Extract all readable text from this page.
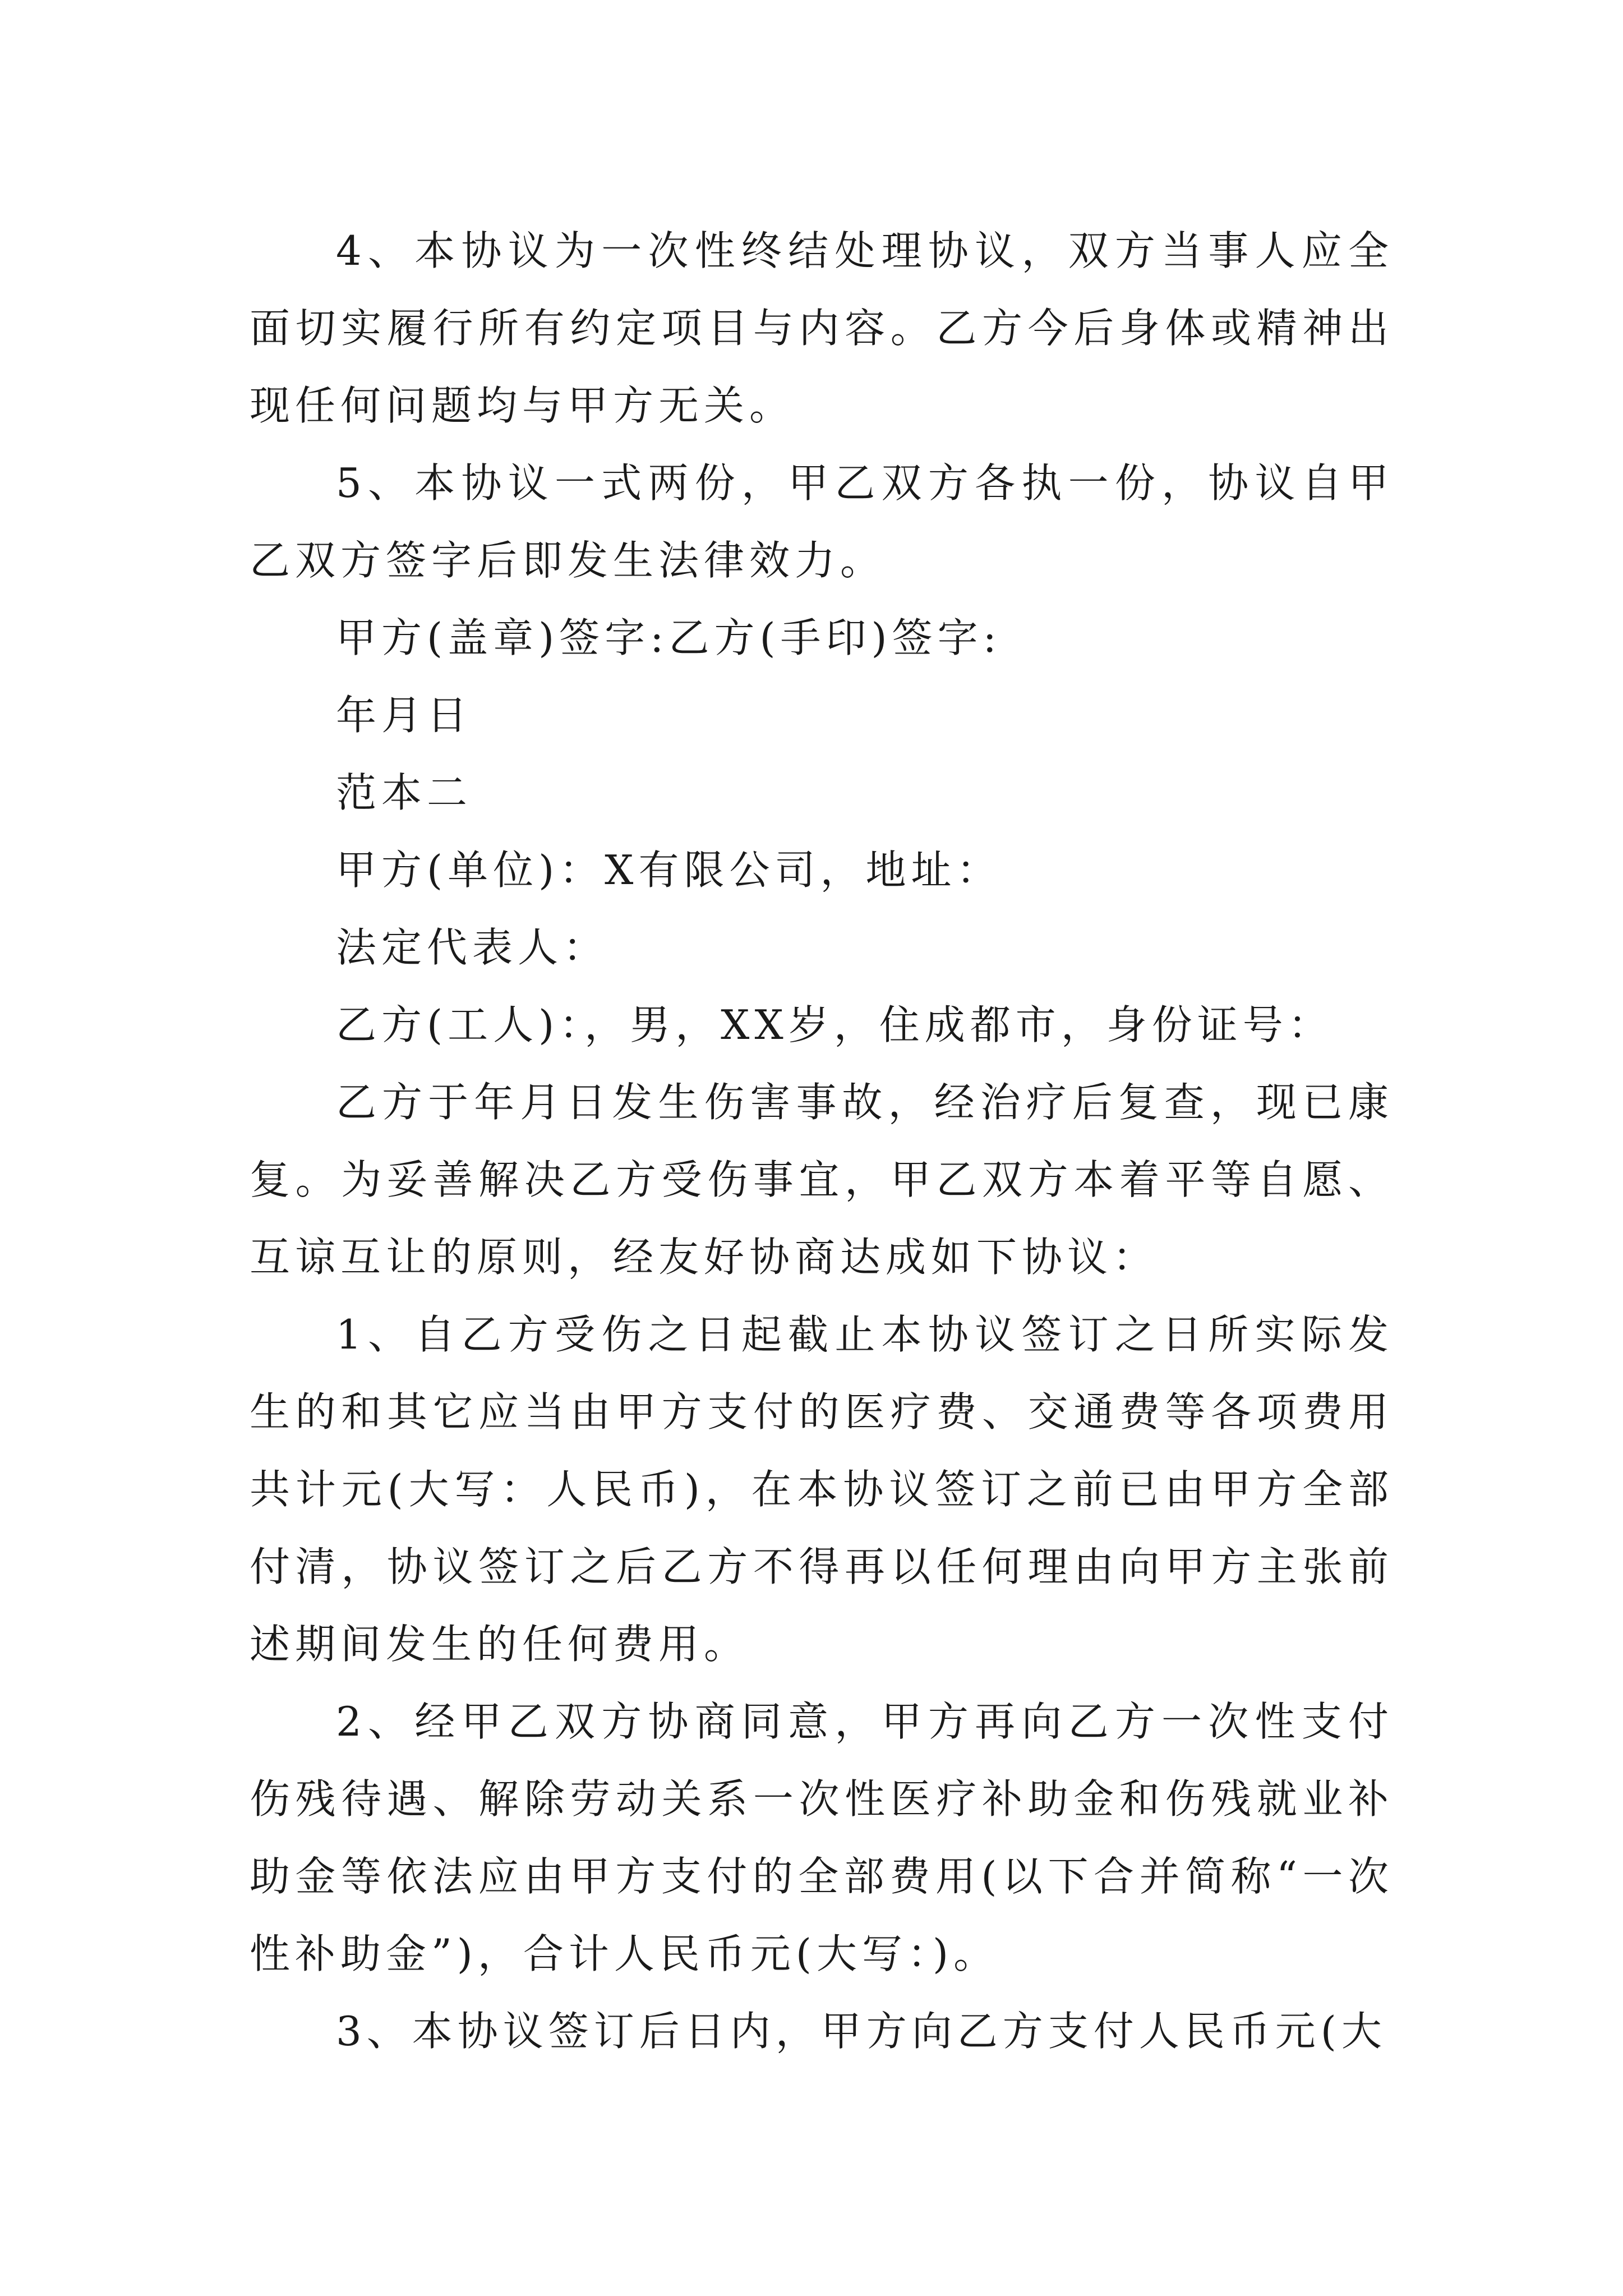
4、本协议为一次性终结处理协议，双方当事人应全面切实履行所有约定项目与内容。乙方今后身体或精神出现任何问题均与甲方无关。

5、本协议一式两份，甲乙双方各执一份，协议自甲乙双方签字后即发生法律效力。

甲方(盖章)签字:乙方(手印)签字:

年月日

范本二

甲方(单位)：X有限公司，地址：

法定代表人：

乙方(工人)：，男，XX岁，住成都市，身份证号：

乙方于年月日发生伤害事故，经治疗后复查，现已康复。为妥善解决乙方受伤事宜，甲乙双方本着平等自愿、互谅互让的原则，经友好协商达成如下协议：

1、自乙方受伤之日起截止本协议签订之日所实际发生的和其它应当由甲方支付的医疗费、交通费等各项费用共计元(大写：人民币)，在本协议签订之前已由甲方全部付清，协议签订之后乙方不得再以任何理由向甲方主张前述期间发生的任何费用。

2、经甲乙双方协商同意，甲方再向乙方一次性支付伤残待遇、解除劳动关系一次性医疗补助金和伤残就业补助金等依法应由甲方支付的全部费用(以下合并简称“一次性补助金”)，合计人民币元(大写：)。

3、本协议签订后日内，甲方向乙方支付人民币元(大
